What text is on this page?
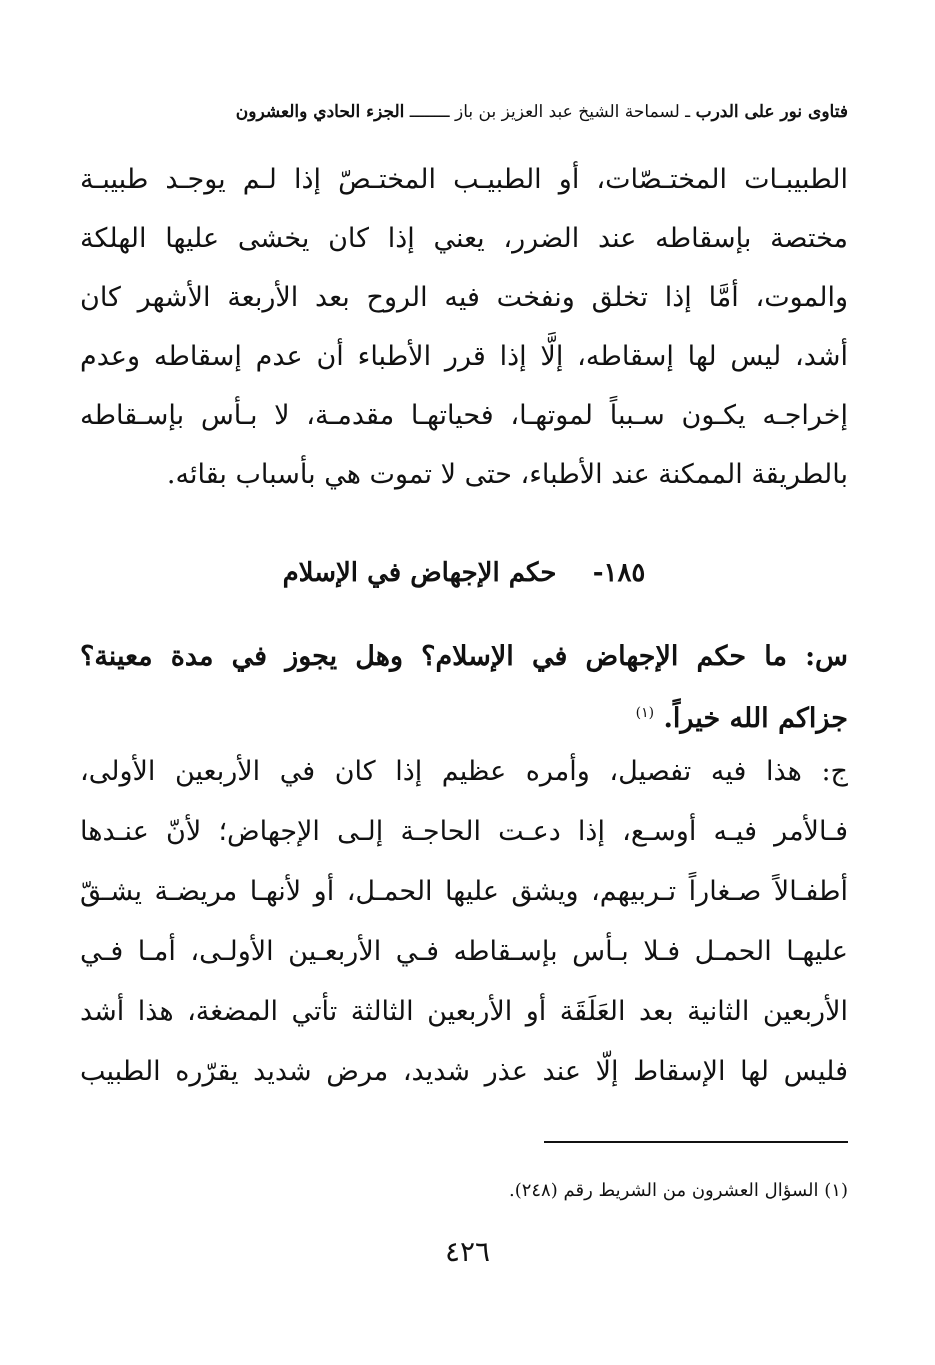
فتاوى نور على الدرب ـ لسماحة الشيخ عبد العزيز بن باز ــــــــ الجزء الحادي والعشرون
الطبيبـات المختـصّات، أو الطبيـب المختـصّ إذا لـم يوجـد طبيبـة
مختصة بإسقاطه عند الضرر، يعني إذا كان يخشى عليها الهلكة
والموت، أمَّا إذا تخلق ونفخت فيه الروح بعد الأربعة الأشهر كان
أشد، ليس لها إسقاطه، إلَّا إذا قرر الأطباء أن عدم إسقاطه وعدم
إخراجـه يكـون سـبباً لموتهـا، فحياتهـا مقدمـة، لا بـأس بإسـقاطه
بالطريقة الممكنة عند الأطباء، حتى لا تموت هي بأسباب بقائه.
١٨٥-    حكم الإجهاض في الإسلام
س: ما حكم الإجهاض في الإسلام؟ وهل يجوز في مدة معينة؟
جزاكم الله خيراً. $^{(١)}$
ج: هذا فيه تفصيل، وأمره عظيم إذا كان في الأربعين الأولى،
فـالأمر فيـه أوسـع، إذا دعـت الحاجـة إلـى الإجهاض؛ لأنّ عنـدها
أطفـالاً صـغاراً تـربيهم، ويشق عليها الحمـل، أو لأنهـا مريضـة يشـقّ
عليهـا الحمـل فـلا بـأس بإسـقاطه فـي الأربعـين الأولـى، أمـا فـي
الأربعين الثانية بعد العَلَقَة أو الأربعين الثالثة تأتي المضغة، هذا أشد
فليس لها الإسقاط إلّا عند عذر شديد، مرض شديد يقرّره الطبيب
(١) السؤال العشرون من الشريط رقم (٢٤٨).
٤٢٦
